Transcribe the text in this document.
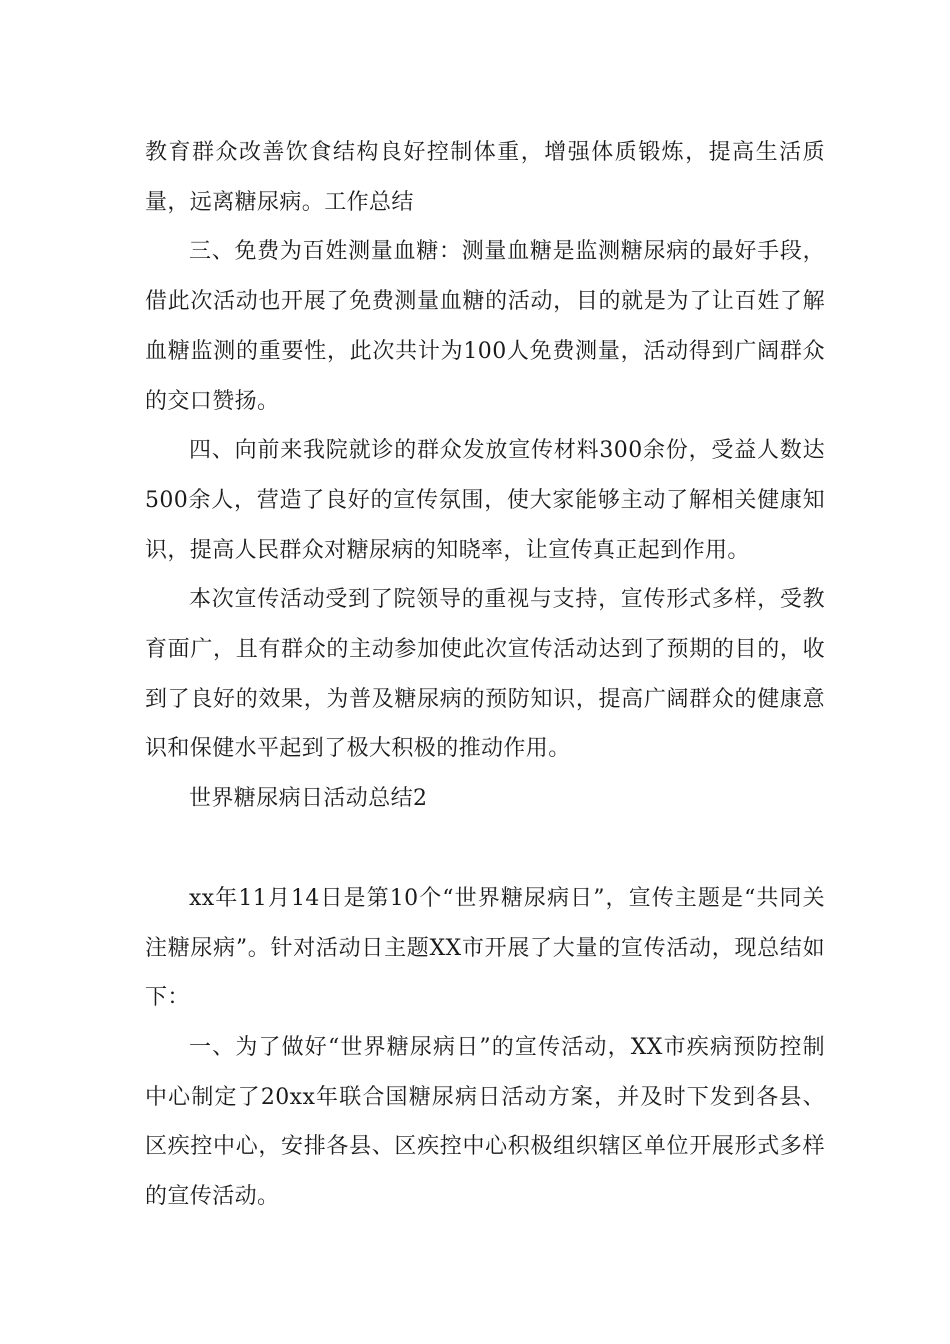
教育群众改善饮食结构良好控制体重，增强体质锻炼，提高生活质量，远离糖尿病。工作总结

三、免费为百姓测量血糖：测量血糖是监测糖尿病的最好手段，借此次活动也开展了免费测量血糖的活动，目的就是为了让百姓了解血糖监测的重要性，此次共计为100人免费测量，活动得到广阔群众的交口赞扬。

四、向前来我院就诊的群众发放宣传材料300余份，受益人数达500余人，营造了良好的宣传氛围，使大家能够主动了解相关健康知识，提高人民群众对糖尿病的知晓率，让宣传真正起到作用。

本次宣传活动受到了院领导的重视与支持，宣传形式多样，受教育面广，且有群众的主动参加使此次宣传活动达到了预期的目的，收到了良好的效果，为普及糖尿病的预防知识，提高广阔群众的健康意识和保健水平起到了极大积极的推动作用。

世界糖尿病日活动总结2

xx年11月14日是第10个“世界糖尿病日”，宣传主题是“共同关注糖尿病”。针对活动日主题XX市开展了大量的宣传活动，现总结如下：

一、为了做好“世界糖尿病日”的宣传活动，XX市疾病预防控制中心制定了20xx年联合国糖尿病日活动方案，并及时下发到各县、区疾控中心，安排各县、区疾控中心积极组织辖区单位开展形式多样的宣传活动。
